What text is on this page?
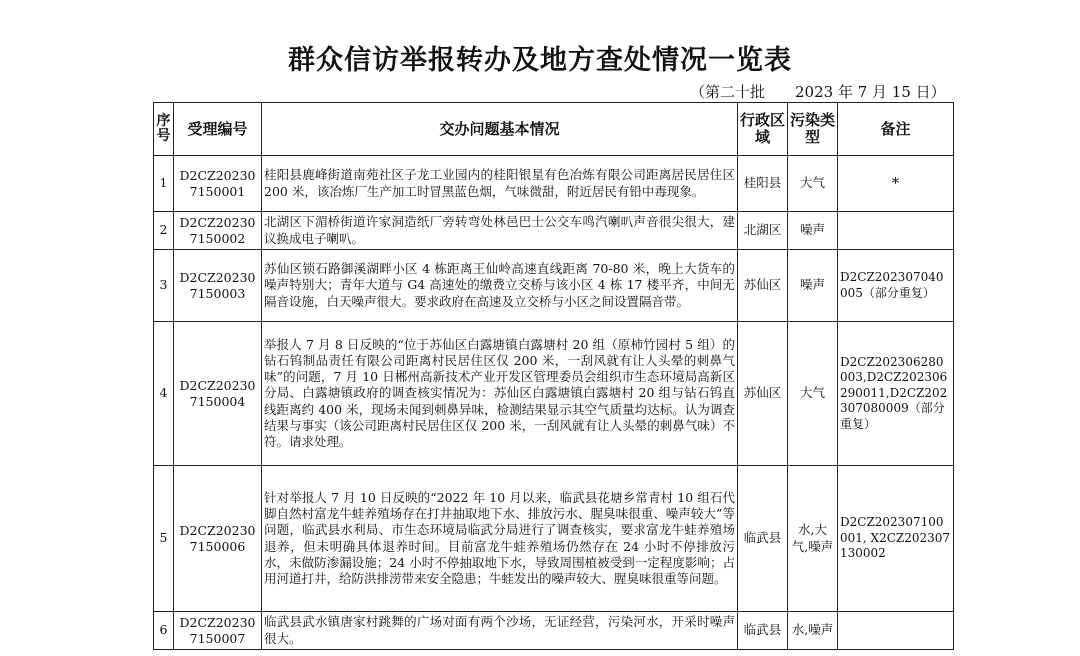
群众信访举报转办及地方查处情况一览表
（第二十批　　2023 年 7 月 15 日）
序号	受理编号	交办问题基本情况	行政区域	污染类型	备注
1	D2CZ202307150001	桂阳县鹿峰街道南苑社区子龙工业园内的桂阳银星有色冶炼有限公司距离居民居住区 200 米，该冶炼厂生产加工时冒黑蓝色烟，气味微甜，附近居民有铅中毒现象。	桂阳县	大气	*
2	D2CZ202307150002	北湖区下湄桥街道许家洞造纸厂旁转弯处林邑巴士公交车鸣汽喇叭声音很尖很大，建议换成电子喇叭。	北湖区	噪声	
3	D2CZ202307150003	苏仙区锁石路御溪湖畔小区 4 栋距离王仙岭高速直线距离 70-80 米，晚上大货车的噪声特别大；青年大道与 G4 高速处的缴费立交桥与该小区 4 栋 17 楼平齐，中间无隔音设施，白天噪声很大。要求政府在高速及立交桥与小区之间设置隔音带。	苏仙区	噪声	D2CZ202307040005（部分重复）
4	D2CZ202307150004	举报人 7 月 8 日反映的“位于苏仙区白露塘镇白露塘村 20 组（原柿竹园村 5 组）的钻石钨制品责任有限公司距离村民居住区仅 200 米，一刮风就有让人头晕的刺鼻气味”的问题，7 月 10 日郴州高新技术产业开发区管理委员会组织市生态环境局高新区分局、白露塘镇政府的调查核实情况为：苏仙区白露塘镇白露塘村 20 组与钻石钨直线距离约 400 米，现场未闻到刺鼻异味，检测结果显示其空气质量均达标。认为调查结果与事实（该公司距离村民居住区仅 200 米，一刮风就有让人头晕的刺鼻气味）不符。请求处理。	苏仙区	大气	D2CZ202306280003,D2CZ202306290011,D2CZ202307080009（部分重复）
5	D2CZ202307150006	针对举报人 7 月 10 日反映的“2022 年 10 月以来，临武县花塘乡常青村 10 组石代脚自然村富龙牛蛙养殖场存在打井抽取地下水、排放污水、腥臭味很重、噪声较大”等问题，临武县水利局、市生态环境局临武分局进行了调查核实，要求富龙牛蛙养殖场退养，但未明确具体退养时间。目前富龙牛蛙养殖场仍然存在 24 小时不停排放污水，未做防渗漏设施；24 小时不停抽取地下水，导致周围植被受到一定程度影响；占用河道打井，给防洪排涝带来安全隐患；牛蛙发出的噪声较大、腥臭味很重等问题。	临武县	水,大气,噪声	D2CZ202307100001, X2CZ202307130002
6	D2CZ202307150007	临武县武水镇唐家村跳舞的广场对面有两个沙场，无证经营，污染河水，开采时噪声很大。	临武县	水,噪声	
